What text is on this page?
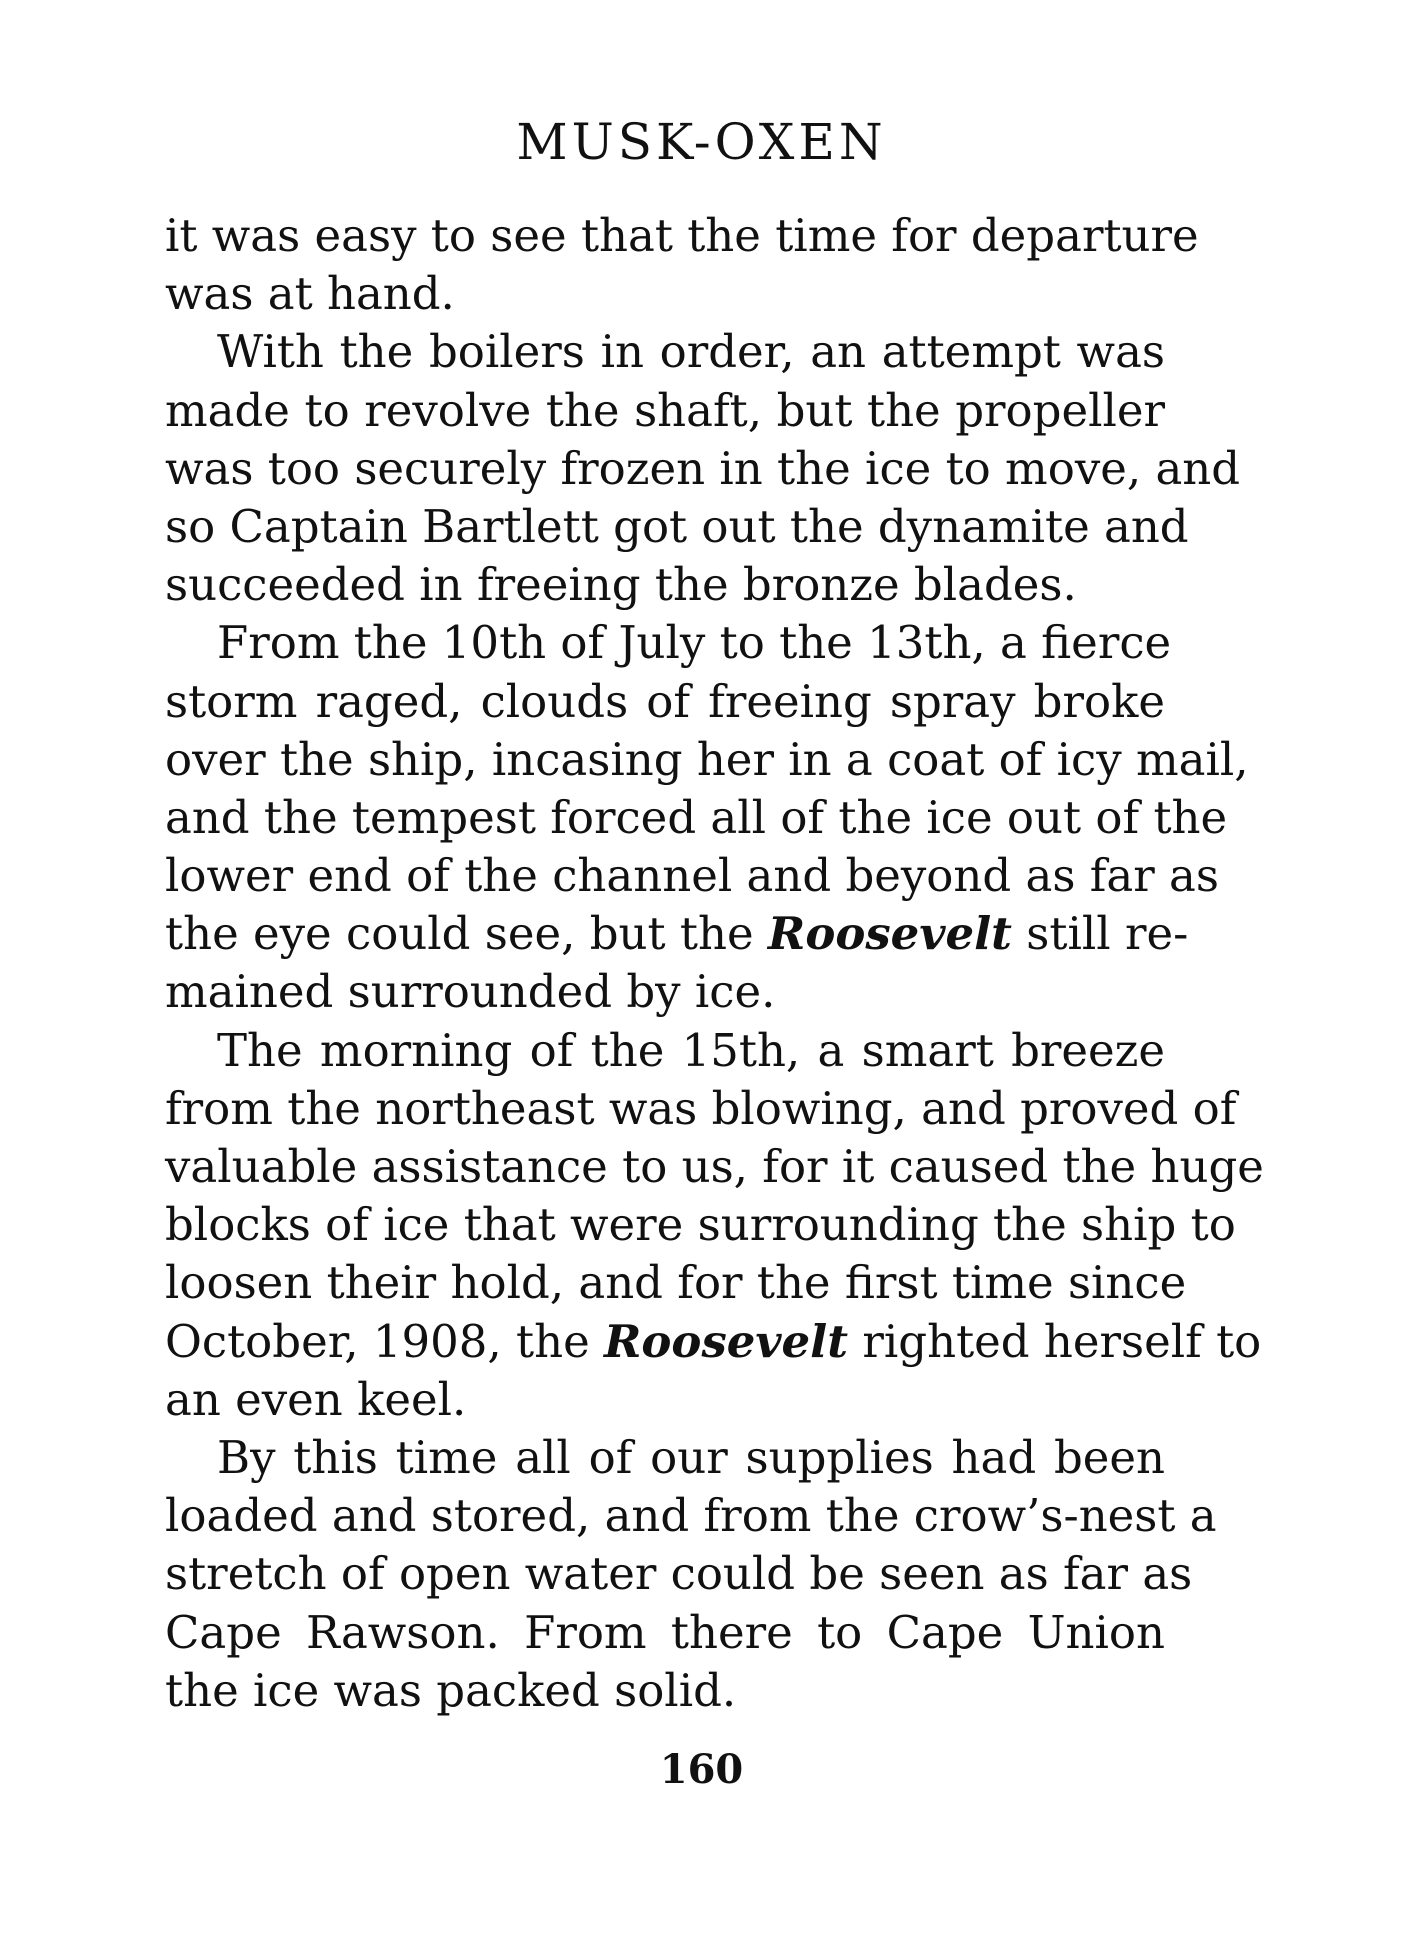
MUSK-OXEN
it was easy to see that the time for departure
was at hand.
With the boilers in order, an attempt was
made to revolve the shaft, but the propeller
was too securely frozen in the ice to move, and
so Captain Bartlett got out the dynamite and
succeeded in freeing the bronze blades.
From the 10th of July to the 13th, a fierce
storm raged, clouds of freeing spray broke
over the ship, incasing her in a coat of icy mail,
and the tempest forced all of the ice out of the
lower end of the channel and beyond as far as
the eye could see, but the Roosevelt still re-
mained surrounded by ice.
The morning of the 15th, a smart breeze
from the northeast was blowing, and proved of
valuable assistance to us, for it caused the huge
blocks of ice that were surrounding the ship to
loosen their hold, and for the first time since
October, 1908, the Roosevelt righted herself to
an even keel.
By this time all of our supplies had been
loaded and stored, and from the crow’s-nest a
stretch of open water could be seen as far as
Cape Rawson. From there to Cape Union
the ice was packed solid.
160
